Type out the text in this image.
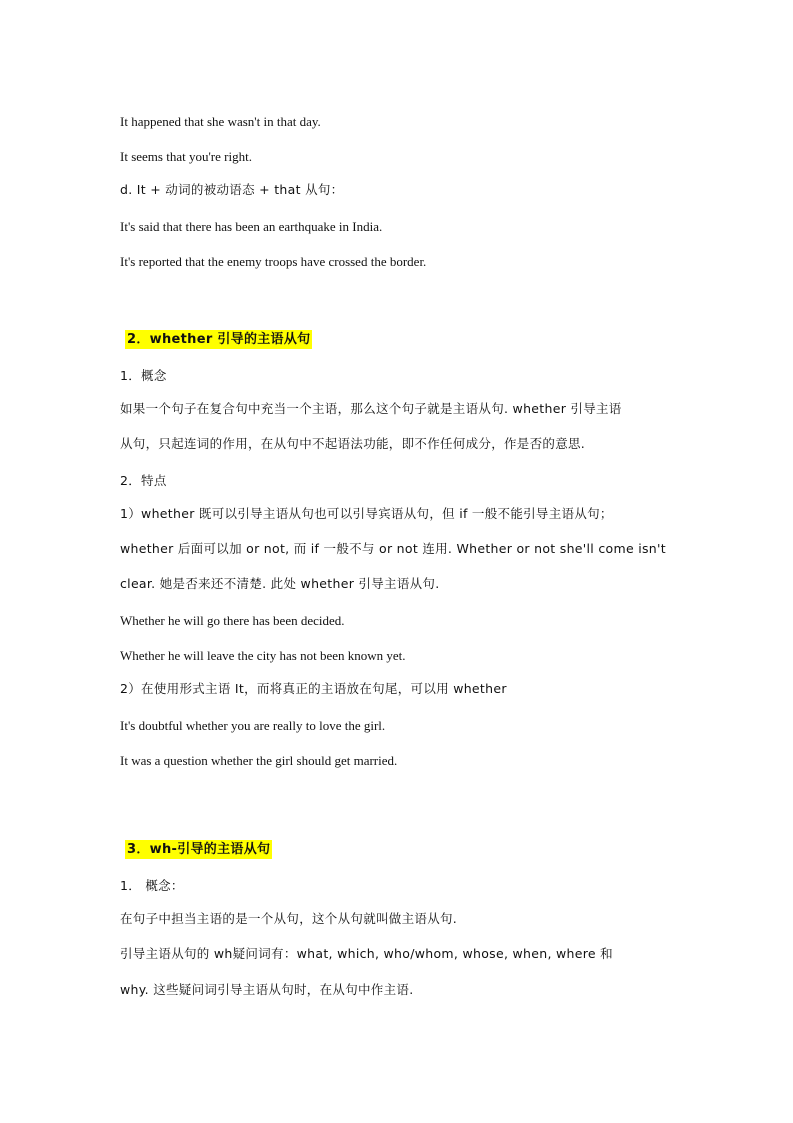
It happened that she wasn't in that day.
It seems that you're right.
d. It + 动词的被动语态 + that 从句：
It's said that there has been an earthquake in India.
It's reported that the enemy troops have crossed the border.
2．whether 引导的主语从句
1．概念
如果一个句子在复合句中充当一个主语，那么这个句子就是主语从句. whether 引导主语
从句，只起连词的作用，在从句中不起语法功能，即不作任何成分，作是否的意思.
2．特点
1）whether 既可以引导主语从句也可以引导宾语从句，但 if 一般不能引导主语从句；
whether 后面可以加 or not, 而 if 一般不与 or not 连用. Whether or not she'll come isn't
clear. 她是否来还不清楚. 此处 whether 引导主语从句.
Whether he will go there has been decided.
Whether he will leave the city has not been known yet.
2）在使用形式主语 It，而将真正的主语放在句尾，可以用 whether
It's doubtful whether you are really to love the girl.
It was a question whether the girl should get married.
3．wh-引导的主语从句
1． 概念：
在句子中担当主语的是一个从句，这个从句就叫做主语从句.
引导主语从句的 wh疑问词有：what, which, who/whom, whose, when, where 和
why. 这些疑问词引导主语从句时，在从句中作主语.
